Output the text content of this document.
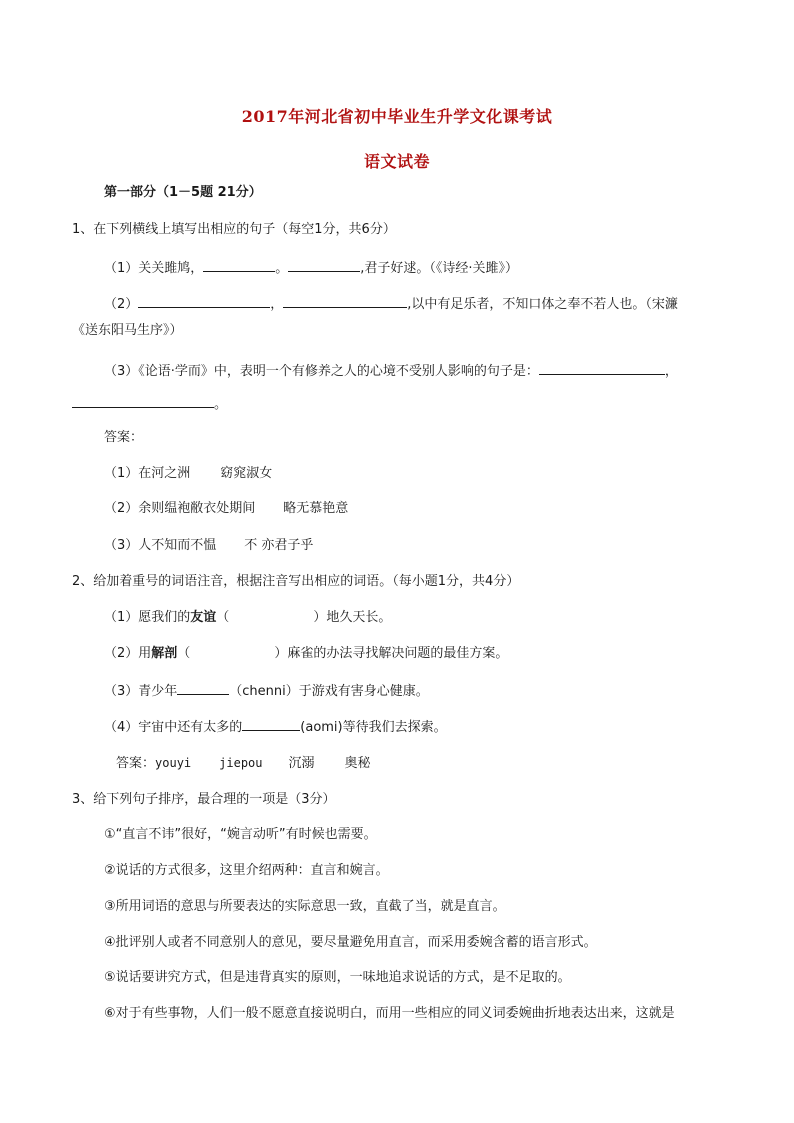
2017年河北省初中毕业生升学文化课考试
语文试卷
第一部分（1－5题 21分）
1、在下列横线上填写出相应的句子（每空1分，共6分）
（1）关关雎鸠，	。	,君子好逑。（《诗经·关雎》）
（2）	，	,以中有足乐者，不知口体之奉不若人也。（宋濂
《送东阳马生序》）
（3）《论语·学而》中，表明一个有修养之人的心境不受别人影响的句子是：	，
。
答案：
（1）在河之洲 窈窕淑女
（2）余则缊袍敝衣处期间 略无慕艳意
（3）人不知而不愠 不 亦君子乎
2、给加着重号的词语注音，根据注音写出相应的词语。（每小题1分，共4分）
（1）愿我们的友谊（	）地久天长。
（2）用解剖（	）麻雀的办法寻找解决问题的最佳方案。
（3）青少年	（chenni）于游戏有害身心健康。
（4）宇宙中还有太多的	(aomi)等待我们去探索。
答案：youyi jiepou 沉溺 奥秘
3、给下列句子排序，最合理的一项是（3分）
①“直言不讳”很好，“婉言动听”有时候也需要。
②说话的方式很多，这里介绍两种：直言和婉言。
③所用词语的意思与所要表达的实际意思一致，直截了当，就是直言。
④批评别人或者不同意别人的意见，要尽量避免用直言，而采用委婉含蓄的语言形式。
⑤说话要讲究方式，但是违背真实的原则，一味地追求说话的方式，是不足取的。
⑥对于有些事物，人们一般不愿意直接说明白，而用一些相应的同义词委婉曲折地表达出来，这就是
